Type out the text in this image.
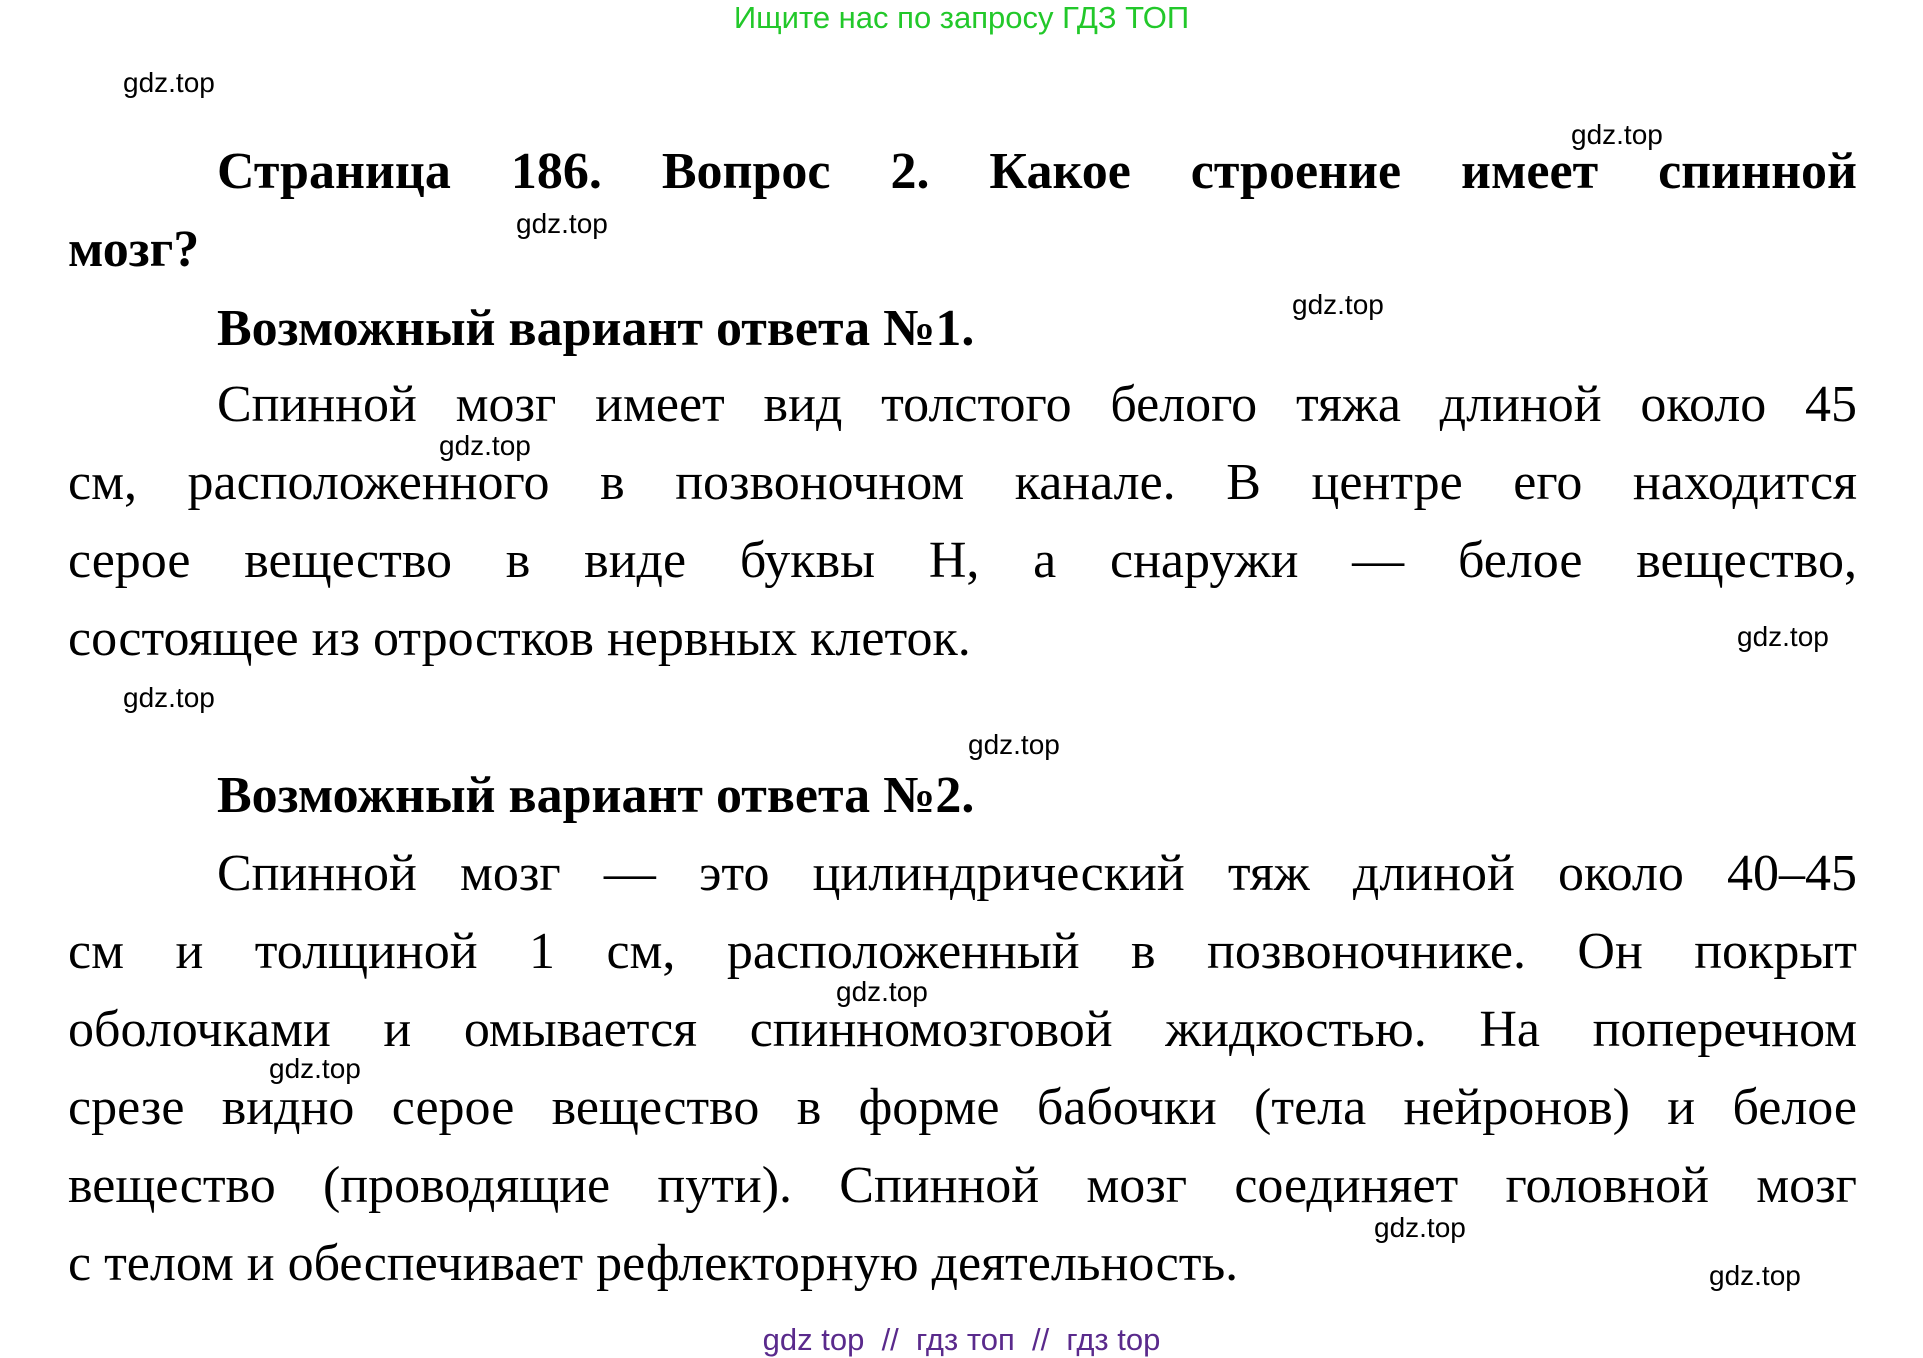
Ищите нас по запросу ГДЗ ТОП
Страница 186. Вопрос 2. Какое строение имеет спинной
мозг?
Возможный вариант ответа №1.
Спинной мозг имеет вид толстого белого тяжа длиной около 45
см, расположенного в позвоночном канале. В центре его находится
серое вещество в виде буквы Н, а снаружи — белое вещество,
состоящее из отростков нервных клеток.
Возможный вариант ответа №2.
Спинной мозг — это цилиндрический тяж длиной около 40–45
см и толщиной 1 см, расположенный в позвоночнике. Он покрыт
оболочками и омывается спинномозговой жидкостью. На поперечном
срезе видно серое вещество в форме бабочки (тела нейронов) и белое
вещество (проводящие пути). Спинной мозг соединяет головной мозг
с телом и обеспечивает рефлекторную деятельность.
gdz.top
gdz.top
gdz.top
gdz.top
gdz.top
gdz.top
gdz.top
gdz.top
gdz.top
gdz.top
gdz.top
gdz.top
gdz top  //  гдз топ  //  гдз top
